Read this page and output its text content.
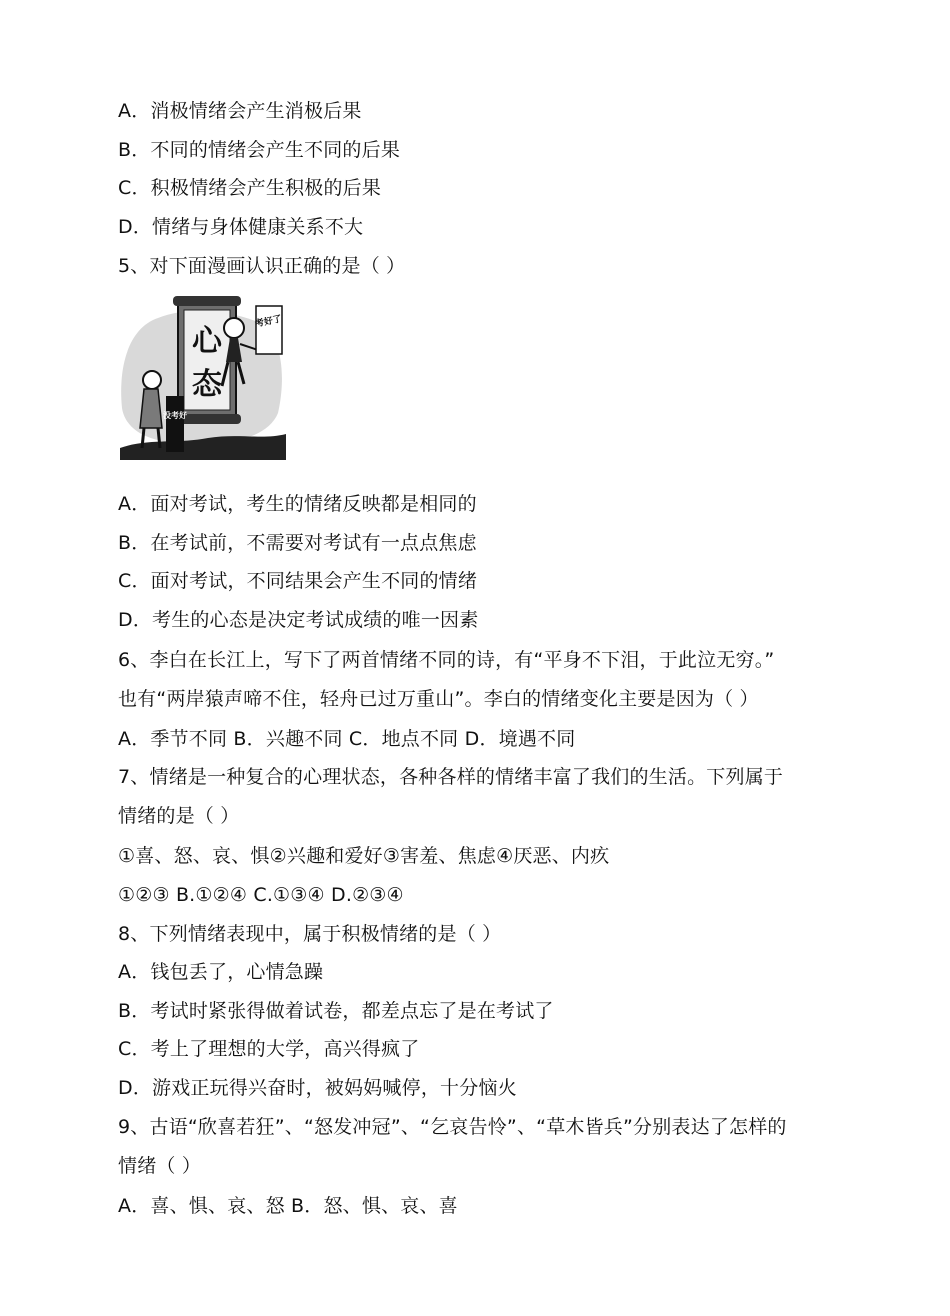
A．消极情绪会产生消极后果
B．不同的情绪会产生不同的后果
C．积极情绪会产生积极的后果
D．情绪与身体健康关系不大
5、对下面漫画认识正确的是（ ）
心
态
考好了
没考好
A．面对考试，考生的情绪反映都是相同的
B．在考试前，不需要对考试有一点点焦虑
C．面对考试，不同结果会产生不同的情绪
D．考生的心态是决定考试成绩的唯一因素
6、李白在长江上，写下了两首情绪不同的诗，有“平身不下泪，于此泣无穷。”
也有“两岸猿声啼不住，轻舟已过万重山”。李白的情绪变化主要是因为（ ）
A．季节不同 B．兴趣不同 C．地点不同 D．境遇不同
7、情绪是一种复合的心理状态，各种各样的情绪丰富了我们的生活。下列属于
情绪的是（ ）
①喜、怒、哀、惧②兴趣和爱好③害羞、焦虑④厌恶、内疚
①②③ B.①②④ C.①③④ D.②③④
8、下列情绪表现中，属于积极情绪的是（ ）
A．钱包丢了，心情急躁
B．考试时紧张得做着试卷，都差点忘了是在考试了
C．考上了理想的大学，高兴得疯了
D．游戏正玩得兴奋时，被妈妈喊停，十分恼火
9、古语“欣喜若狂”、“怒发冲冠”、“乞哀告怜”、“草木皆兵”分别表达了怎样的
情绪（ ）
A．喜、惧、哀、怒 B．怒、惧、哀、喜
